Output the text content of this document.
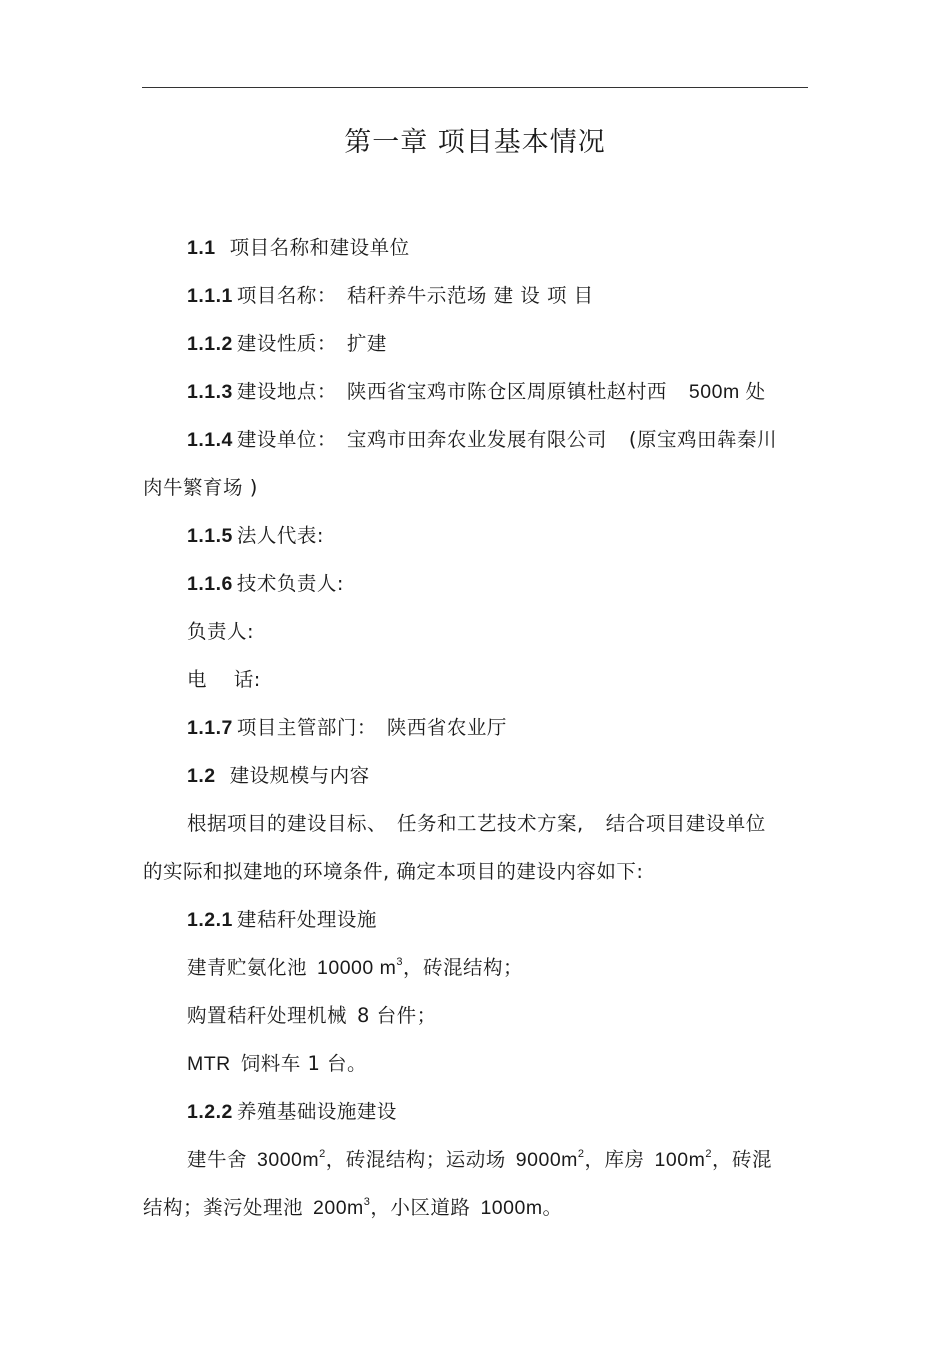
第一章 项目基本情况
1.1 项目名称和建设单位
1.1.1 项目名称： 秸秆养牛示范场 建 设 项 目
1.1.2 建设性质： 扩建
1.1.3 建设地点： 陕西省宝鸡市陈仓区周原镇杜赵村西 500m 处
1.1.4 建设单位： 宝鸡市田奔农业发展有限公司 (原宝鸡田犇秦川
肉牛繁育场 )
1.1.5 法人代表:
1.1.6 技术负责人:
负责人:
电    话:
1.1.7 项目主管部门： 陕西省农业厅
1.2 建设规模与内容
根据项目的建设目标、 任务和工艺技术方案, 结合项目建设单位
的实际和拟建地的环境条件, 确定本项目的建设内容如下:
1.2.1 建秸秆处理设施
建青贮氨化池 10000 $m^3$，砖混结构；
购置秸秆处理机械 8 台件；
MTR 饲料车 1 台。
1.2.2 养殖基础设施建设
建牛舍 $3000m^2$，砖混结构；运动场 $9000m^2$，库房 $100m^2$，砖混
结构；粪污处理池 $200m^3$，小区道路 1000m。
